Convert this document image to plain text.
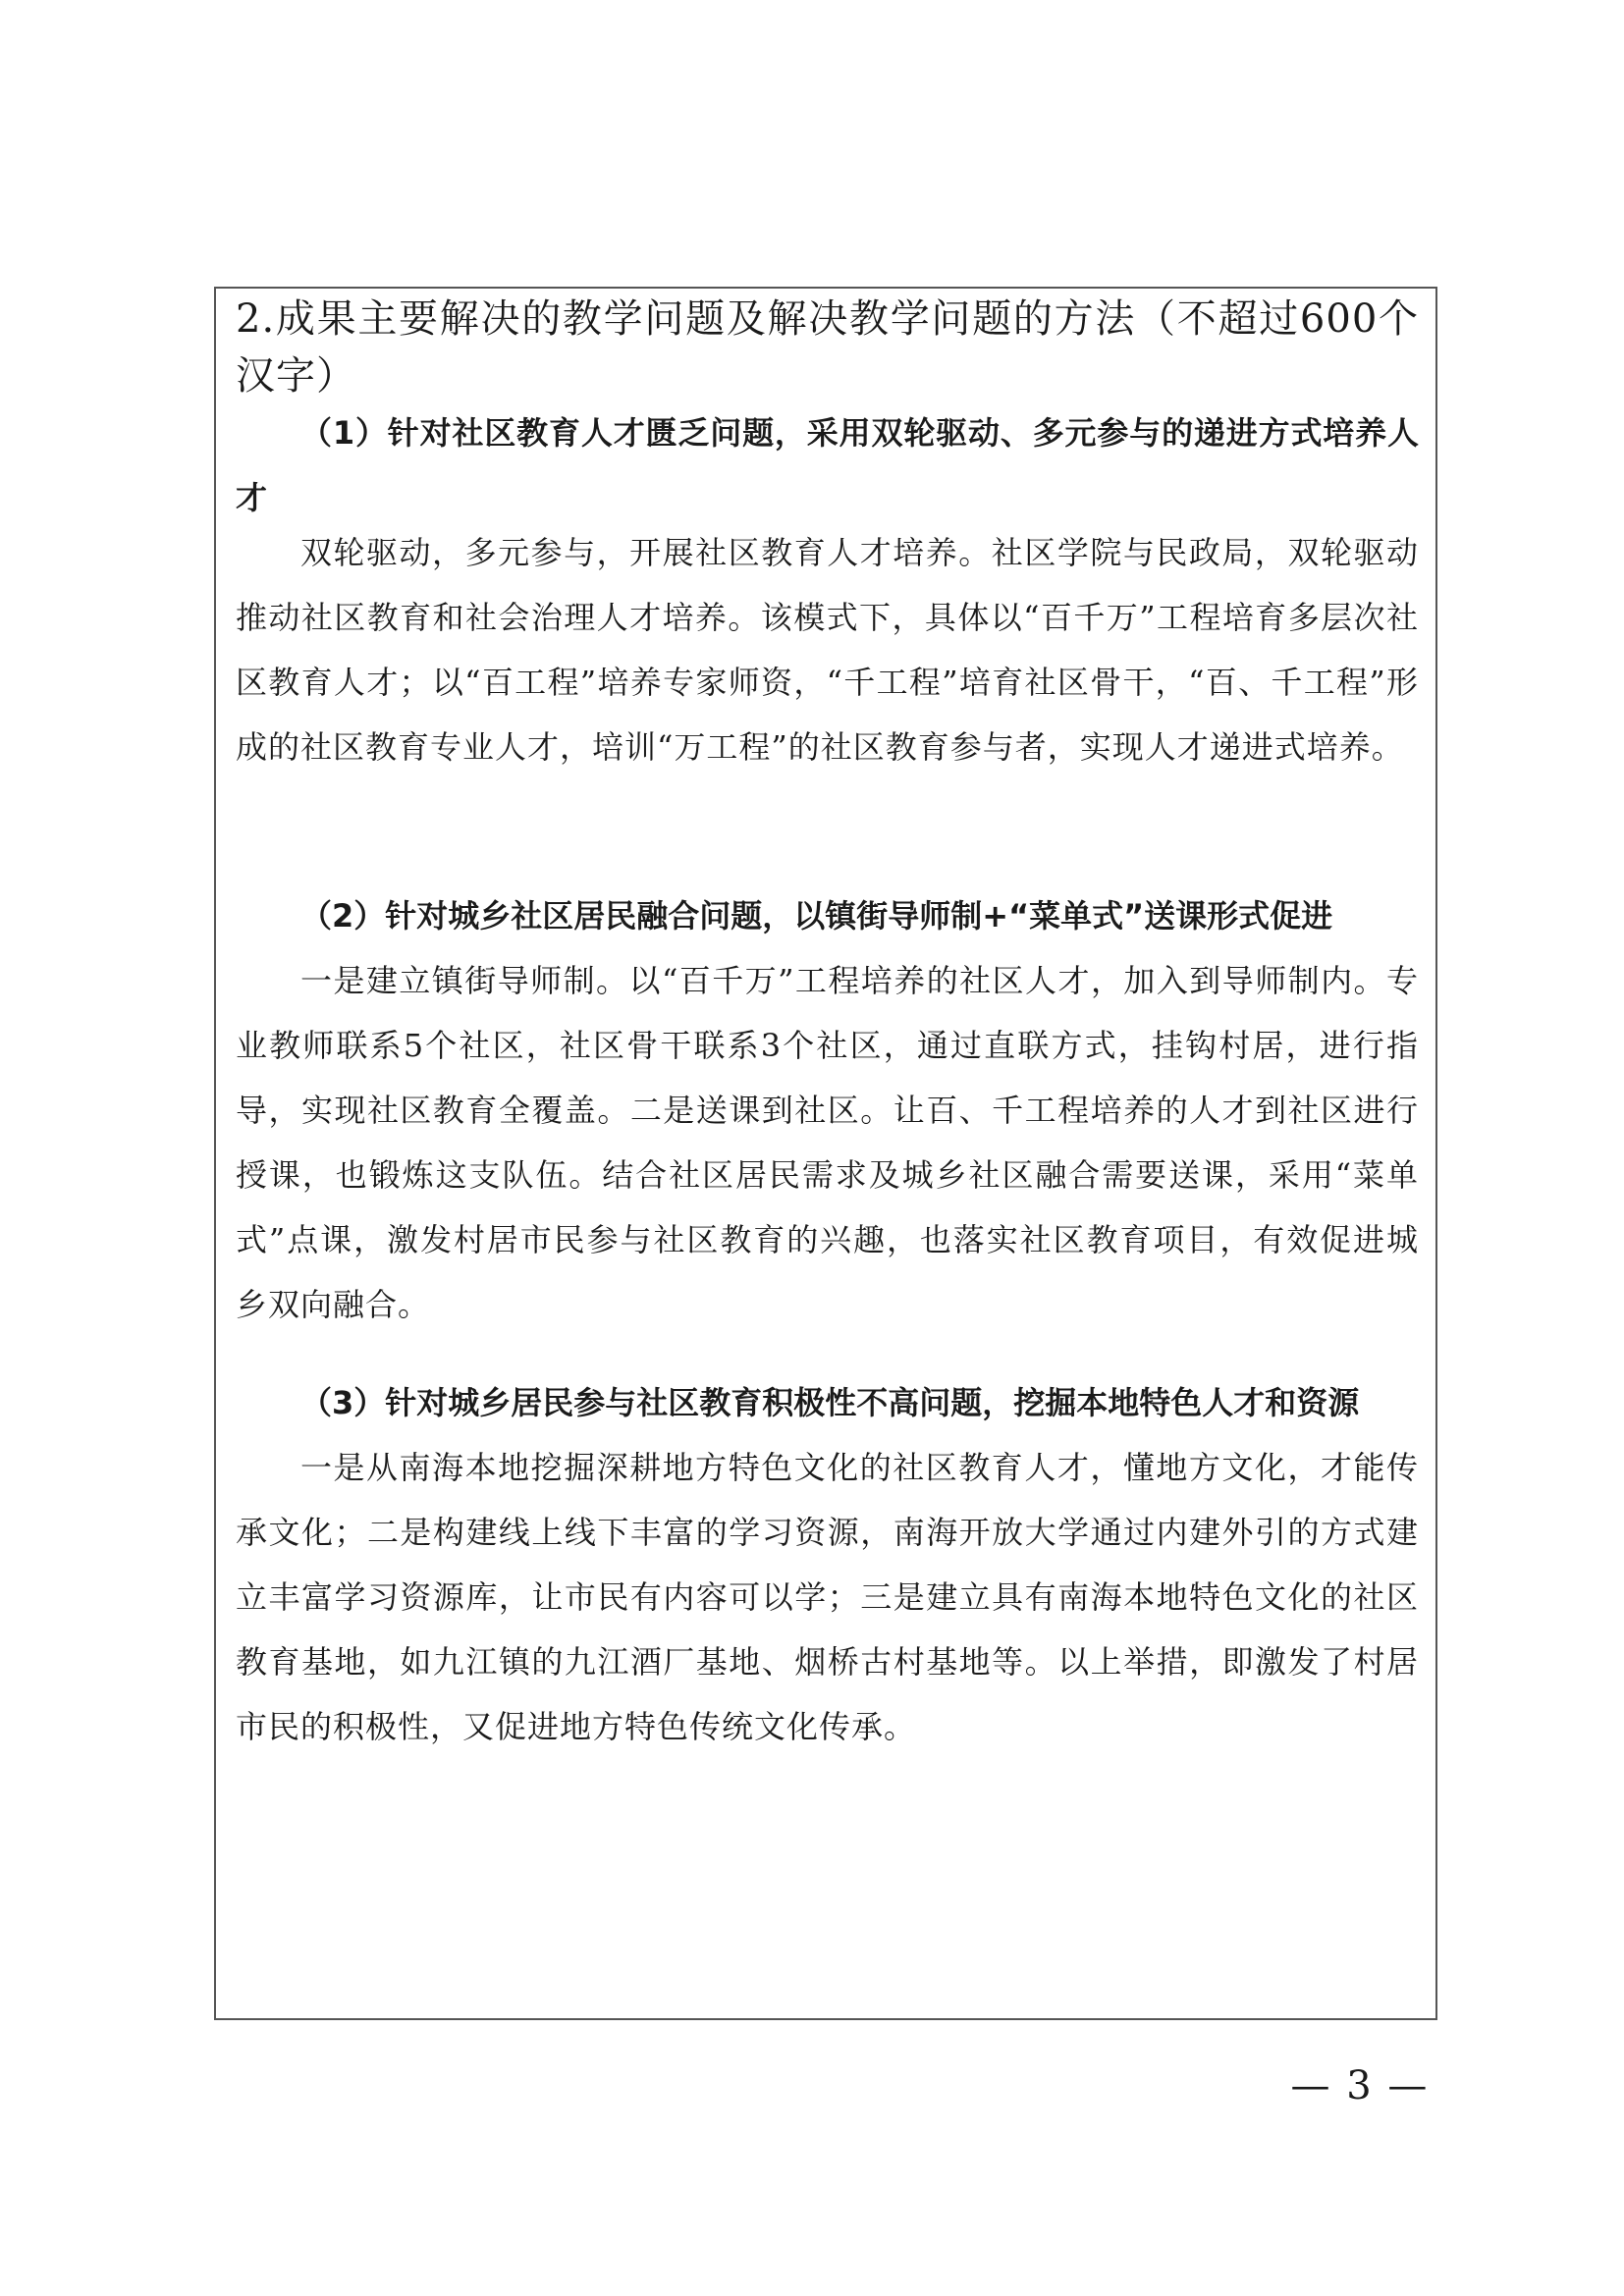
2.成果主要解决的教学问题及解决教学问题的方法（不超过600个汉字）

（1）针对社区教育人才匮乏问题，采用双轮驱动、多元参与的递进方式培养人才

双轮驱动，多元参与，开展社区教育人才培养。社区学院与民政局，双轮驱动推动社区教育和社会治理人才培养。该模式下，具体以“百千万”工程培育多层次社区教育人才；以“百工程”培养专家师资，“千工程”培育社区骨干，“百、千工程”形成的社区教育专业人才，培训“万工程”的社区教育参与者，实现人才递进式培养。

（2）针对城乡社区居民融合问题，以镇街导师制+“菜单式”送课形式促进

一是建立镇街导师制。以“百千万”工程培养的社区人才，加入到导师制内。专业教师联系5个社区，社区骨干联系3个社区，通过直联方式，挂钩村居，进行指导，实现社区教育全覆盖。二是送课到社区。让百、千工程培养的人才到社区进行授课，也锻炼这支队伍。结合社区居民需求及城乡社区融合需要送课，采用“菜单式”点课，激发村居市民参与社区教育的兴趣，也落实社区教育项目，有效促进城乡双向融合。

（3）针对城乡居民参与社区教育积极性不高问题，挖掘本地特色人才和资源

一是从南海本地挖掘深耕地方特色文化的社区教育人才，懂地方文化，才能传承文化；二是构建线上线下丰富的学习资源，南海开放大学通过内建外引的方式建立丰富学习资源库，让市民有内容可以学；三是建立具有南海本地特色文化的社区教育基地，如九江镇的九江酒厂基地、烟桥古村基地等。以上举措，即激发了村居市民的积极性，又促进地方特色传统文化传承。

— 3 —
